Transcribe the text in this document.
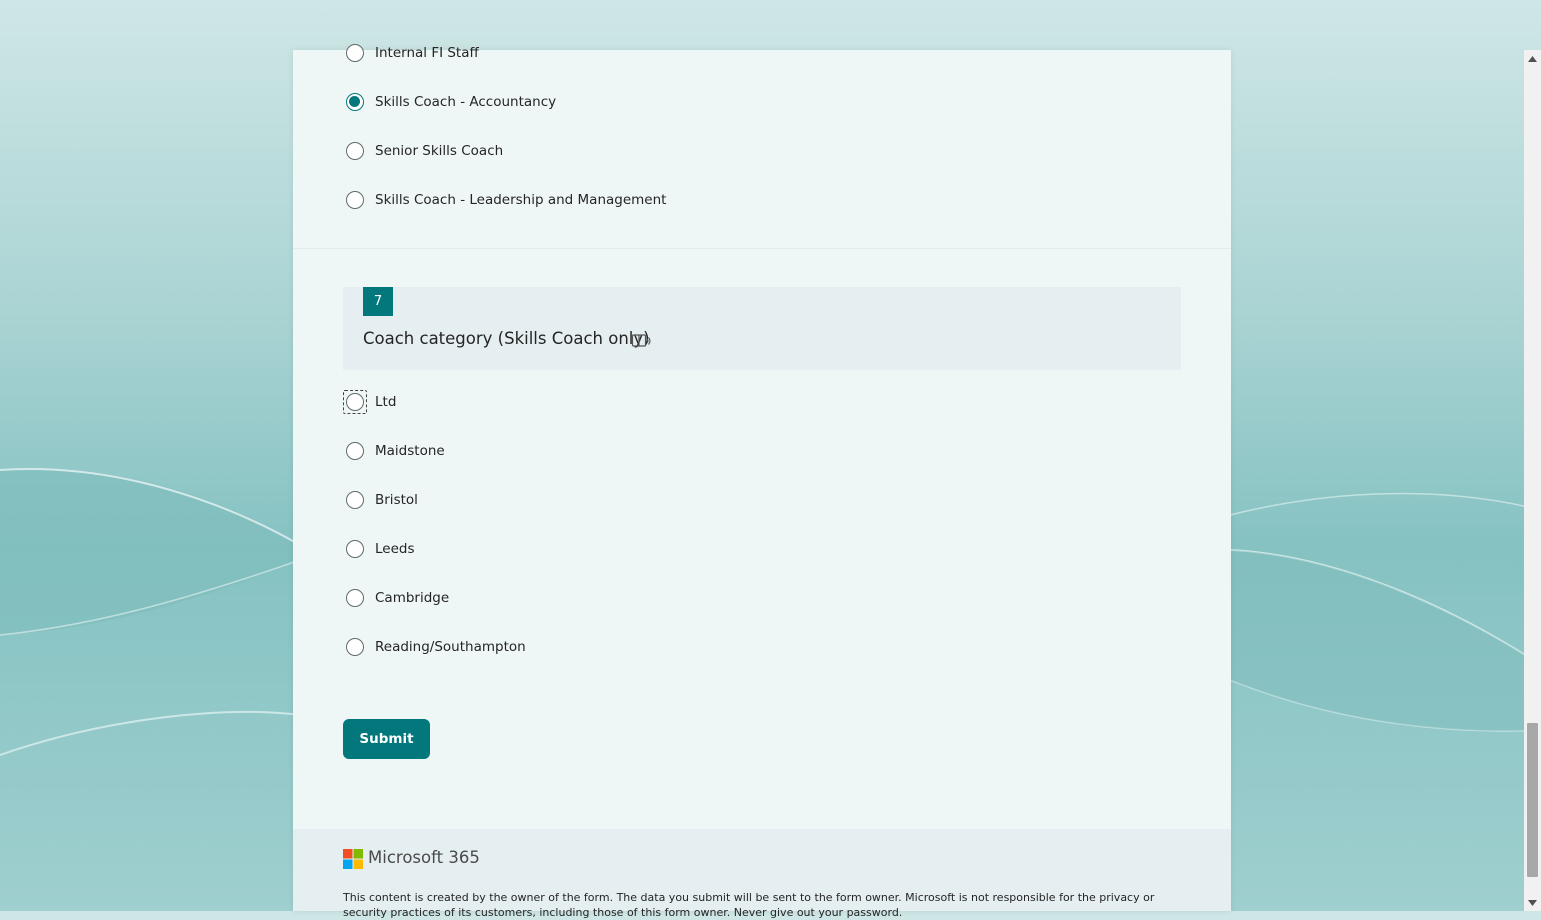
Internal FI Staff
Skills Coach - Accountancy
Senior Skills Coach
Skills Coach - Leadership and Management
7
Coach category (Skills Coach only)
Ltd
Maidstone
Bristol
Leeds
Cambridge
Reading/Southampton
Submit
Microsoft 365
This content is created by the owner of the form. The data you submit will be sent to the form owner. Microsoft is not responsible for the privacy or security practices of its customers, including those of this form owner. Never give out your password.
